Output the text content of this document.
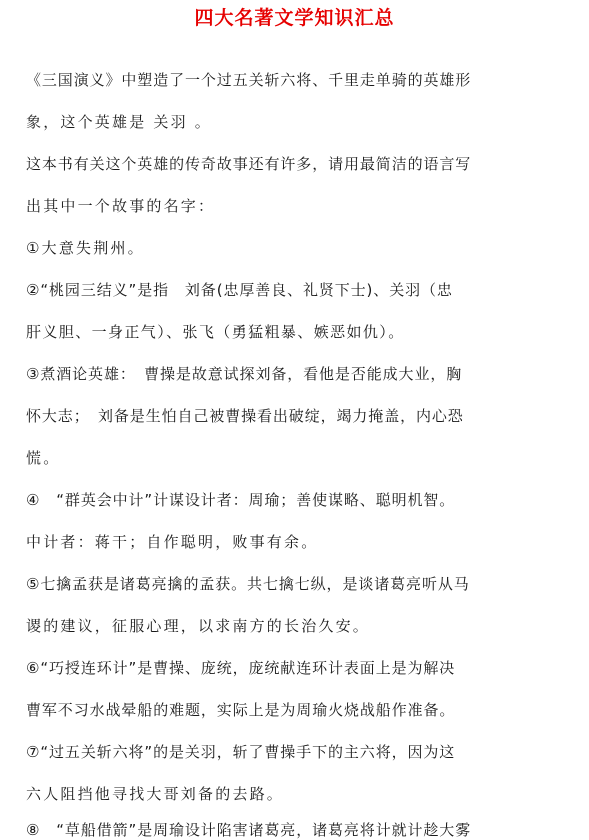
四大名著文学知识汇总
《三国演义》中塑造了一个过五关斩六将、千里走单骑的英雄形
象，这个英雄是 关羽 。
这本书有关这个英雄的传奇故事还有许多，请用最简洁的语言写
出其中一个故事的名字：
①大意失荆州。
②“桃园三结义”是指　刘备(忠厚善良、礼贤下士)、关羽（忠
肝义胆、一身正气）、张飞（勇猛粗暴、嫉恶如仇）。
③煮酒论英雄：　曹操是故意试探刘备，看他是否能成大业，胸
怀大志；　刘备是生怕自己被曹操看出破绽，竭力掩盖，内心恐
慌。
④　“群英会中计”计谋设计者：周瑜；善使谋略、聪明机智。
中计者：蒋干；自作聪明，败事有余。
⑤七擒孟获是诸葛亮擒的孟获。共七擒七纵，是谈诸葛亮听从马
谡的建议，征服心理，以求南方的长治久安。
⑥“巧授连环计”是曹操、庞统，庞统献连环计表面上是为解决
曹军不习水战晕船的难题，实际上是为周瑜火烧战船作准备。
⑦“过五关斩六将”的是关羽，斩了曹操手下的主六将，因为这
六人阻挡他寻找大哥刘备的去路。
⑧　“草船借箭”是周瑜设计陷害诸葛亮，诸葛亮将计就计趁大雾
